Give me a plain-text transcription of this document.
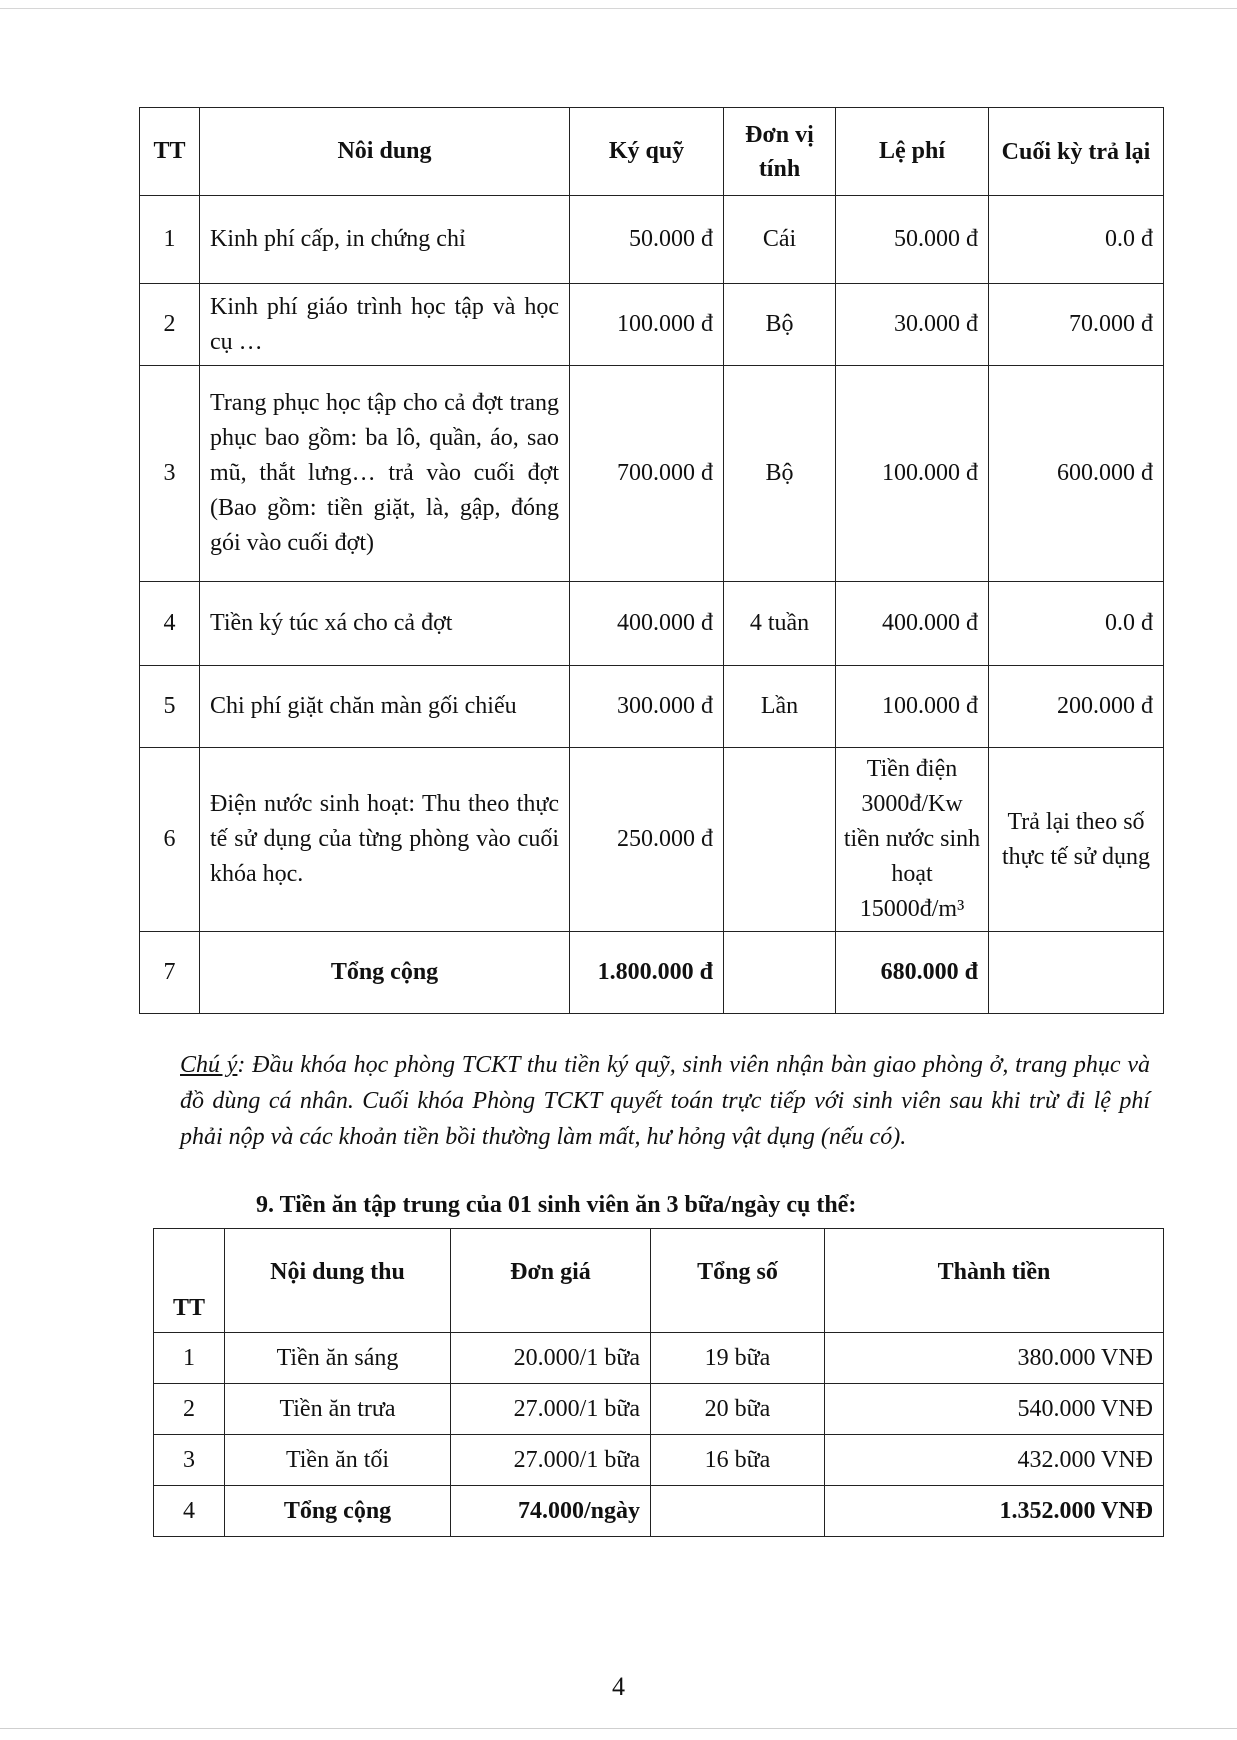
TT	Nôi dung	Ký quỹ	Đơn vị tính	Lệ phí	Cuối kỳ trả lại
1	Kinh phí cấp, in chứng chỉ	50.000 đ	Cái	50.000 đ	0.0 đ
2	Kinh phí giáo trình học tập và học cụ …	100.000 đ	Bộ	30.000 đ	70.000 đ
3	Trang phục học tập cho cả đợt trang phục bao gồm: ba lô, quần, áo, sao mũ, thắt lưng… trả vào cuối đợt (Bao gồm: tiền giặt, là, gập, đóng gói vào cuối đợt)	700.000 đ	Bộ	100.000 đ	600.000 đ
4	Tiền ký túc xá cho cả đợt	400.000 đ	4 tuần	400.000 đ	0.0 đ
5	Chi phí giặt chăn màn gối chiếu	300.000 đ	Lần	100.000 đ	200.000 đ
6	Điện nước sinh hoạt: Thu theo thực tế sử dụng của từng phòng vào cuối khóa học.	250.000 đ		Tiền điện 3000đ/Kw tiền nước sinh hoạt 15000đ/m³	Trả lại theo số thực tế sử dụng
7	Tổng cộng	1.800.000 đ		680.000 đ	
Chú ý: Đầu khóa học phòng TCKT thu tiền ký quỹ, sinh viên nhận bàn giao phòng ở, trang phục và đồ dùng cá nhân. Cuối khóa Phòng TCKT quyết toán trực tiếp với sinh viên sau khi trừ đi lệ phí phải nộp và các khoản tiền bồi thường làm mất, hư hỏng vật dụng (nếu có).
9. Tiền ăn tập trung của 01 sinh viên ăn 3 bữa/ngày cụ thể:
TT	Nội dung thu	Đơn giá	Tổng số	Thành tiền
1	Tiền ăn sáng	20.000/1 bữa	19 bữa	380.000 VNĐ
2	Tiền ăn trưa	27.000/1 bữa	20 bữa	540.000 VNĐ
3	Tiền ăn tối	27.000/1 bữa	16 bữa	432.000 VNĐ
4	Tổng cộng	74.000/ngày		1.352.000 VNĐ
4
